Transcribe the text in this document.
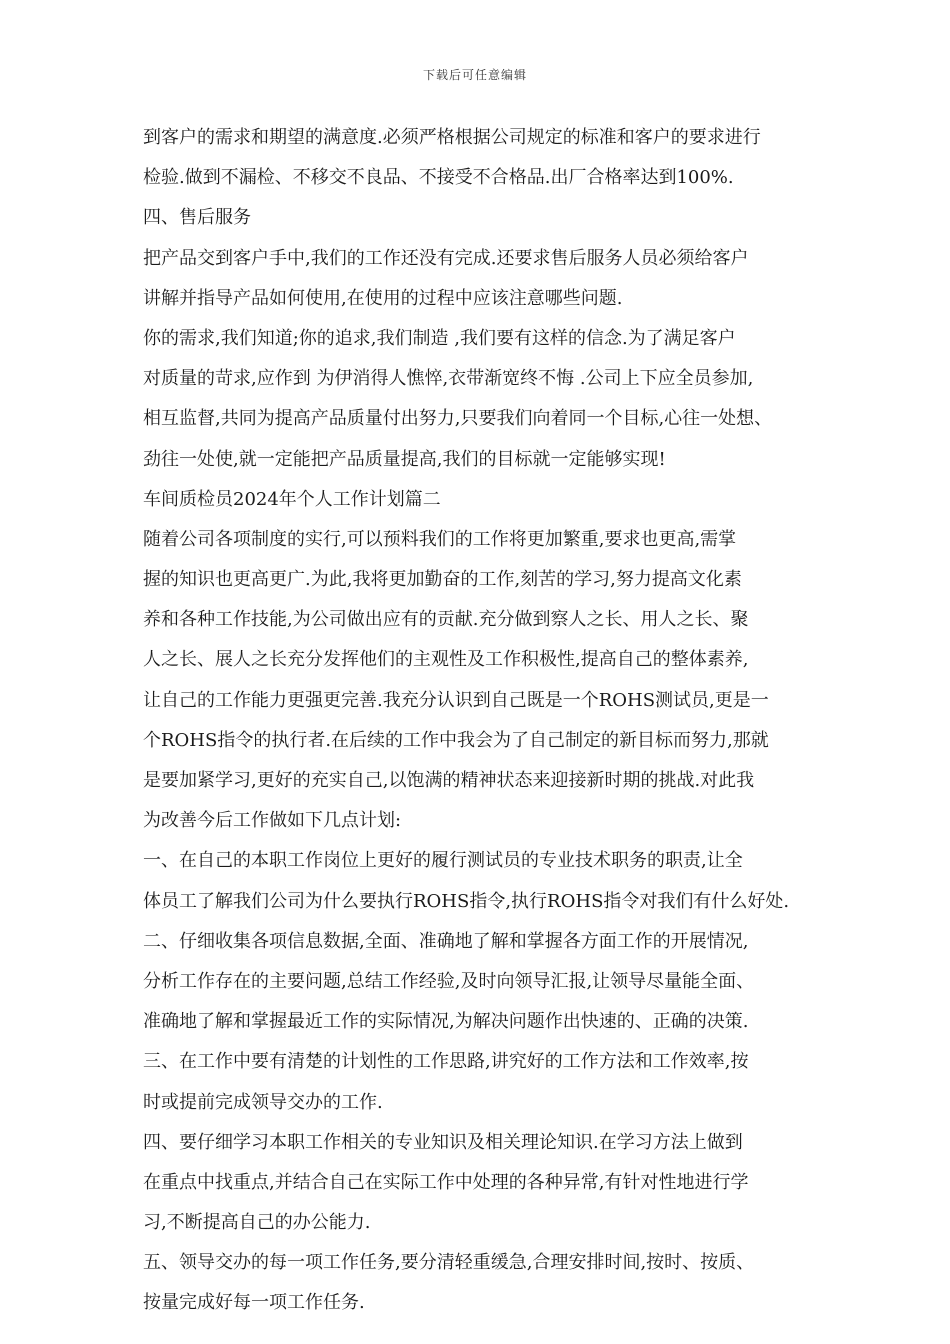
下载后可任意编辑
到客户的需求和期望的满意度.必须严格根据公司规定的标准和客户的要求进行
检验.做到不漏检、不移交不良品、不接受不合格品.出厂合格率达到100%.
四、售后服务
把产品交到客户手中,我们的工作还没有完成.还要求售后服务人员必须给客户
讲解并指导产品如何使用,在使用的过程中应该注意哪些问题.
你的需求,我们知道;你的追求,我们制造 ,我们要有这样的信念.为了满足客户
对质量的苛求,应作到 为伊消得人憔悴,衣带渐宽终不悔 .公司上下应全员参加,
相互监督,共同为提高产品质量付出努力,只要我们向着同一个目标,心往一处想、
劲往一处使,就一定能把产品质量提高,我们的目标就一定能够实现!
车间质检员2024年个人工作计划篇二
随着公司各项制度的实行,可以预料我们的工作将更加繁重,要求也更高,需掌
握的知识也更高更广.为此,我将更加勤奋的工作,刻苦的学习,努力提高文化素
养和各种工作技能,为公司做出应有的贡献.充分做到察人之长、用人之长、聚
人之长、展人之长充分发挥他们的主观性及工作积极性,提高自己的整体素养,
让自己的工作能力更强更完善.我充分认识到自己既是一个ROHS测试员,更是一
个ROHS指令的执行者.在后续的工作中我会为了自己制定的新目标而努力,那就
是要加紧学习,更好的充实自己,以饱满的精神状态来迎接新时期的挑战.对此我
为改善今后工作做如下几点计划:
一、在自己的本职工作岗位上更好的履行测试员的专业技术职务的职责,让全
体员工了解我们公司为什么要执行ROHS指令,执行ROHS指令对我们有什么好处.
二、仔细收集各项信息数据,全面、准确地了解和掌握各方面工作的开展情况,
分析工作存在的主要问题,总结工作经验,及时向领导汇报,让领导尽量能全面、
准确地了解和掌握最近工作的实际情况,为解决问题作出快速的、正确的决策.
三、在工作中要有清楚的计划性的工作思路,讲究好的工作方法和工作效率,按
时或提前完成领导交办的工作.
四、要仔细学习本职工作相关的专业知识及相关理论知识.在学习方法上做到
在重点中找重点,并结合自己在实际工作中处理的各种异常,有针对性地进行学
习,不断提高自己的办公能力.
五、领导交办的每一项工作任务,要分清轻重缓急,合理安排时间,按时、按质、
按量完成好每一项工作任务.
